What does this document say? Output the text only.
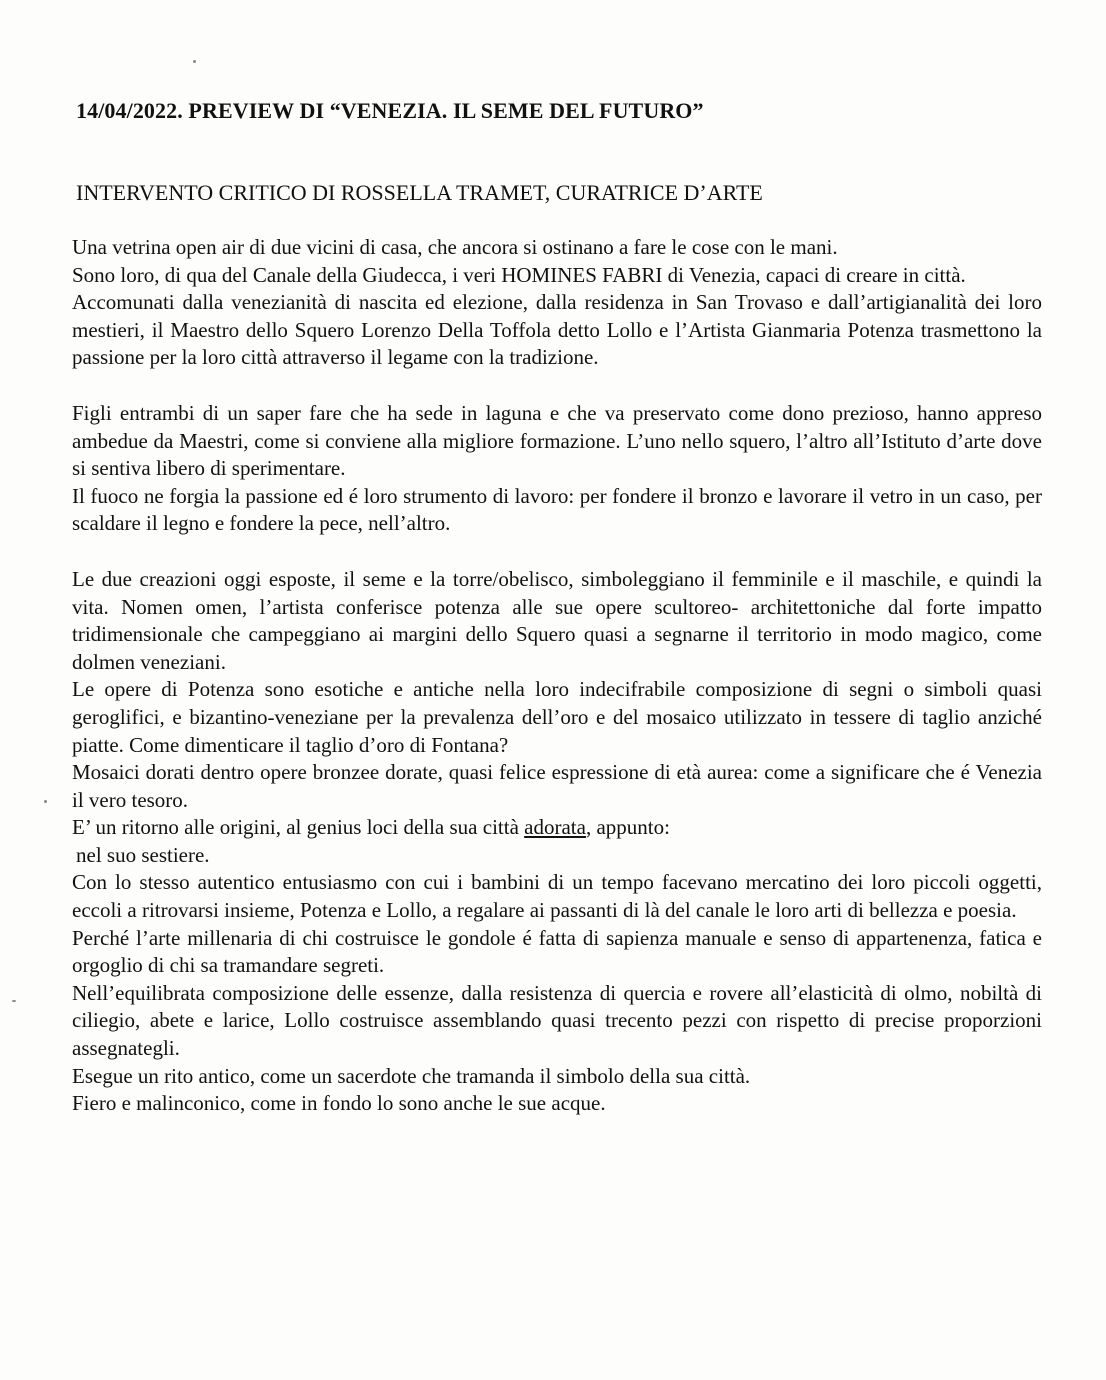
14/04/2022. PREVIEW DI “VENEZIA. IL SEME DEL FUTURO”
INTERVENTO CRITICO DI ROSSELLA TRAMET, CURATRICE D’ARTE

Una vetrina open air di due vicini di casa, che ancora si ostinano a fare le cose con le mani.

Sono loro, di qua del Canale della Giudecca, i veri HOMINES FABRI di Venezia, capaci di creare in città.

Accomunati dalla venezianità di nascita ed elezione, dalla residenza in San Trovaso e dall’artigianalità dei loro mestieri, il Maestro dello Squero Lorenzo Della Toffola detto Lollo e l’Artista Gianmaria Potenza trasmettono la passione per la loro città attraverso il legame con la tradizione.

Figli entrambi di un saper fare che ha sede in laguna e che va preservato come dono prezioso, hanno appreso ambedue da Maestri, come si conviene alla migliore formazione. L’uno nello squero, l’altro all’Istituto d’arte dove si sentiva libero di sperimentare.

Il fuoco ne forgia la passione ed é loro strumento di lavoro: per fondere il bronzo e lavorare il vetro in un caso, per scaldare il legno e fondere la pece, nell’altro.

Le due creazioni oggi esposte, il seme e la torre/obelisco, simboleggiano il femminile e il maschile, e quindi la vita. Nomen omen, l’artista conferisce potenza alle sue opere scultoreo- architettoniche dal forte impatto tridimensionale che campeggiano ai margini dello Squero quasi a segnarne il territorio in modo magico, come dolmen veneziani.

Le opere di Potenza sono esotiche e antiche nella loro indecifrabile composizione di segni o simboli quasi geroglifici, e bizantino-veneziane per la prevalenza dell’oro e del mosaico utilizzato in tessere di taglio anziché piatte. Come dimenticare il taglio d’oro di Fontana?

Mosaici dorati dentro opere bronzee dorate, quasi felice espressione di età aurea: come a significare che é Venezia il vero tesoro.

E’ un ritorno alle origini, al genius loci della sua città adorata, appunto:

nel suo sestiere.

Con lo stesso autentico entusiasmo con cui i bambini di un tempo facevano mercatino dei loro piccoli oggetti, eccoli a ritrovarsi insieme, Potenza e Lollo, a regalare ai passanti di là del canale le loro arti di bellezza e poesia.

Perché l’arte millenaria di chi costruisce le gondole é fatta di sapienza manuale e senso di appartenenza, fatica e orgoglio di chi sa tramandare segreti.

Nell’equilibrata composizione delle essenze, dalla resistenza di quercia e rovere all’elasticità di olmo, nobiltà di ciliegio, abete e larice, Lollo costruisce assemblando quasi trecento pezzi con rispetto di precise proporzioni assegnategli.

Esegue un rito antico, come un sacerdote che tramanda il simbolo della sua città.

Fiero e malinconico, come in fondo lo sono anche le sue acque.
